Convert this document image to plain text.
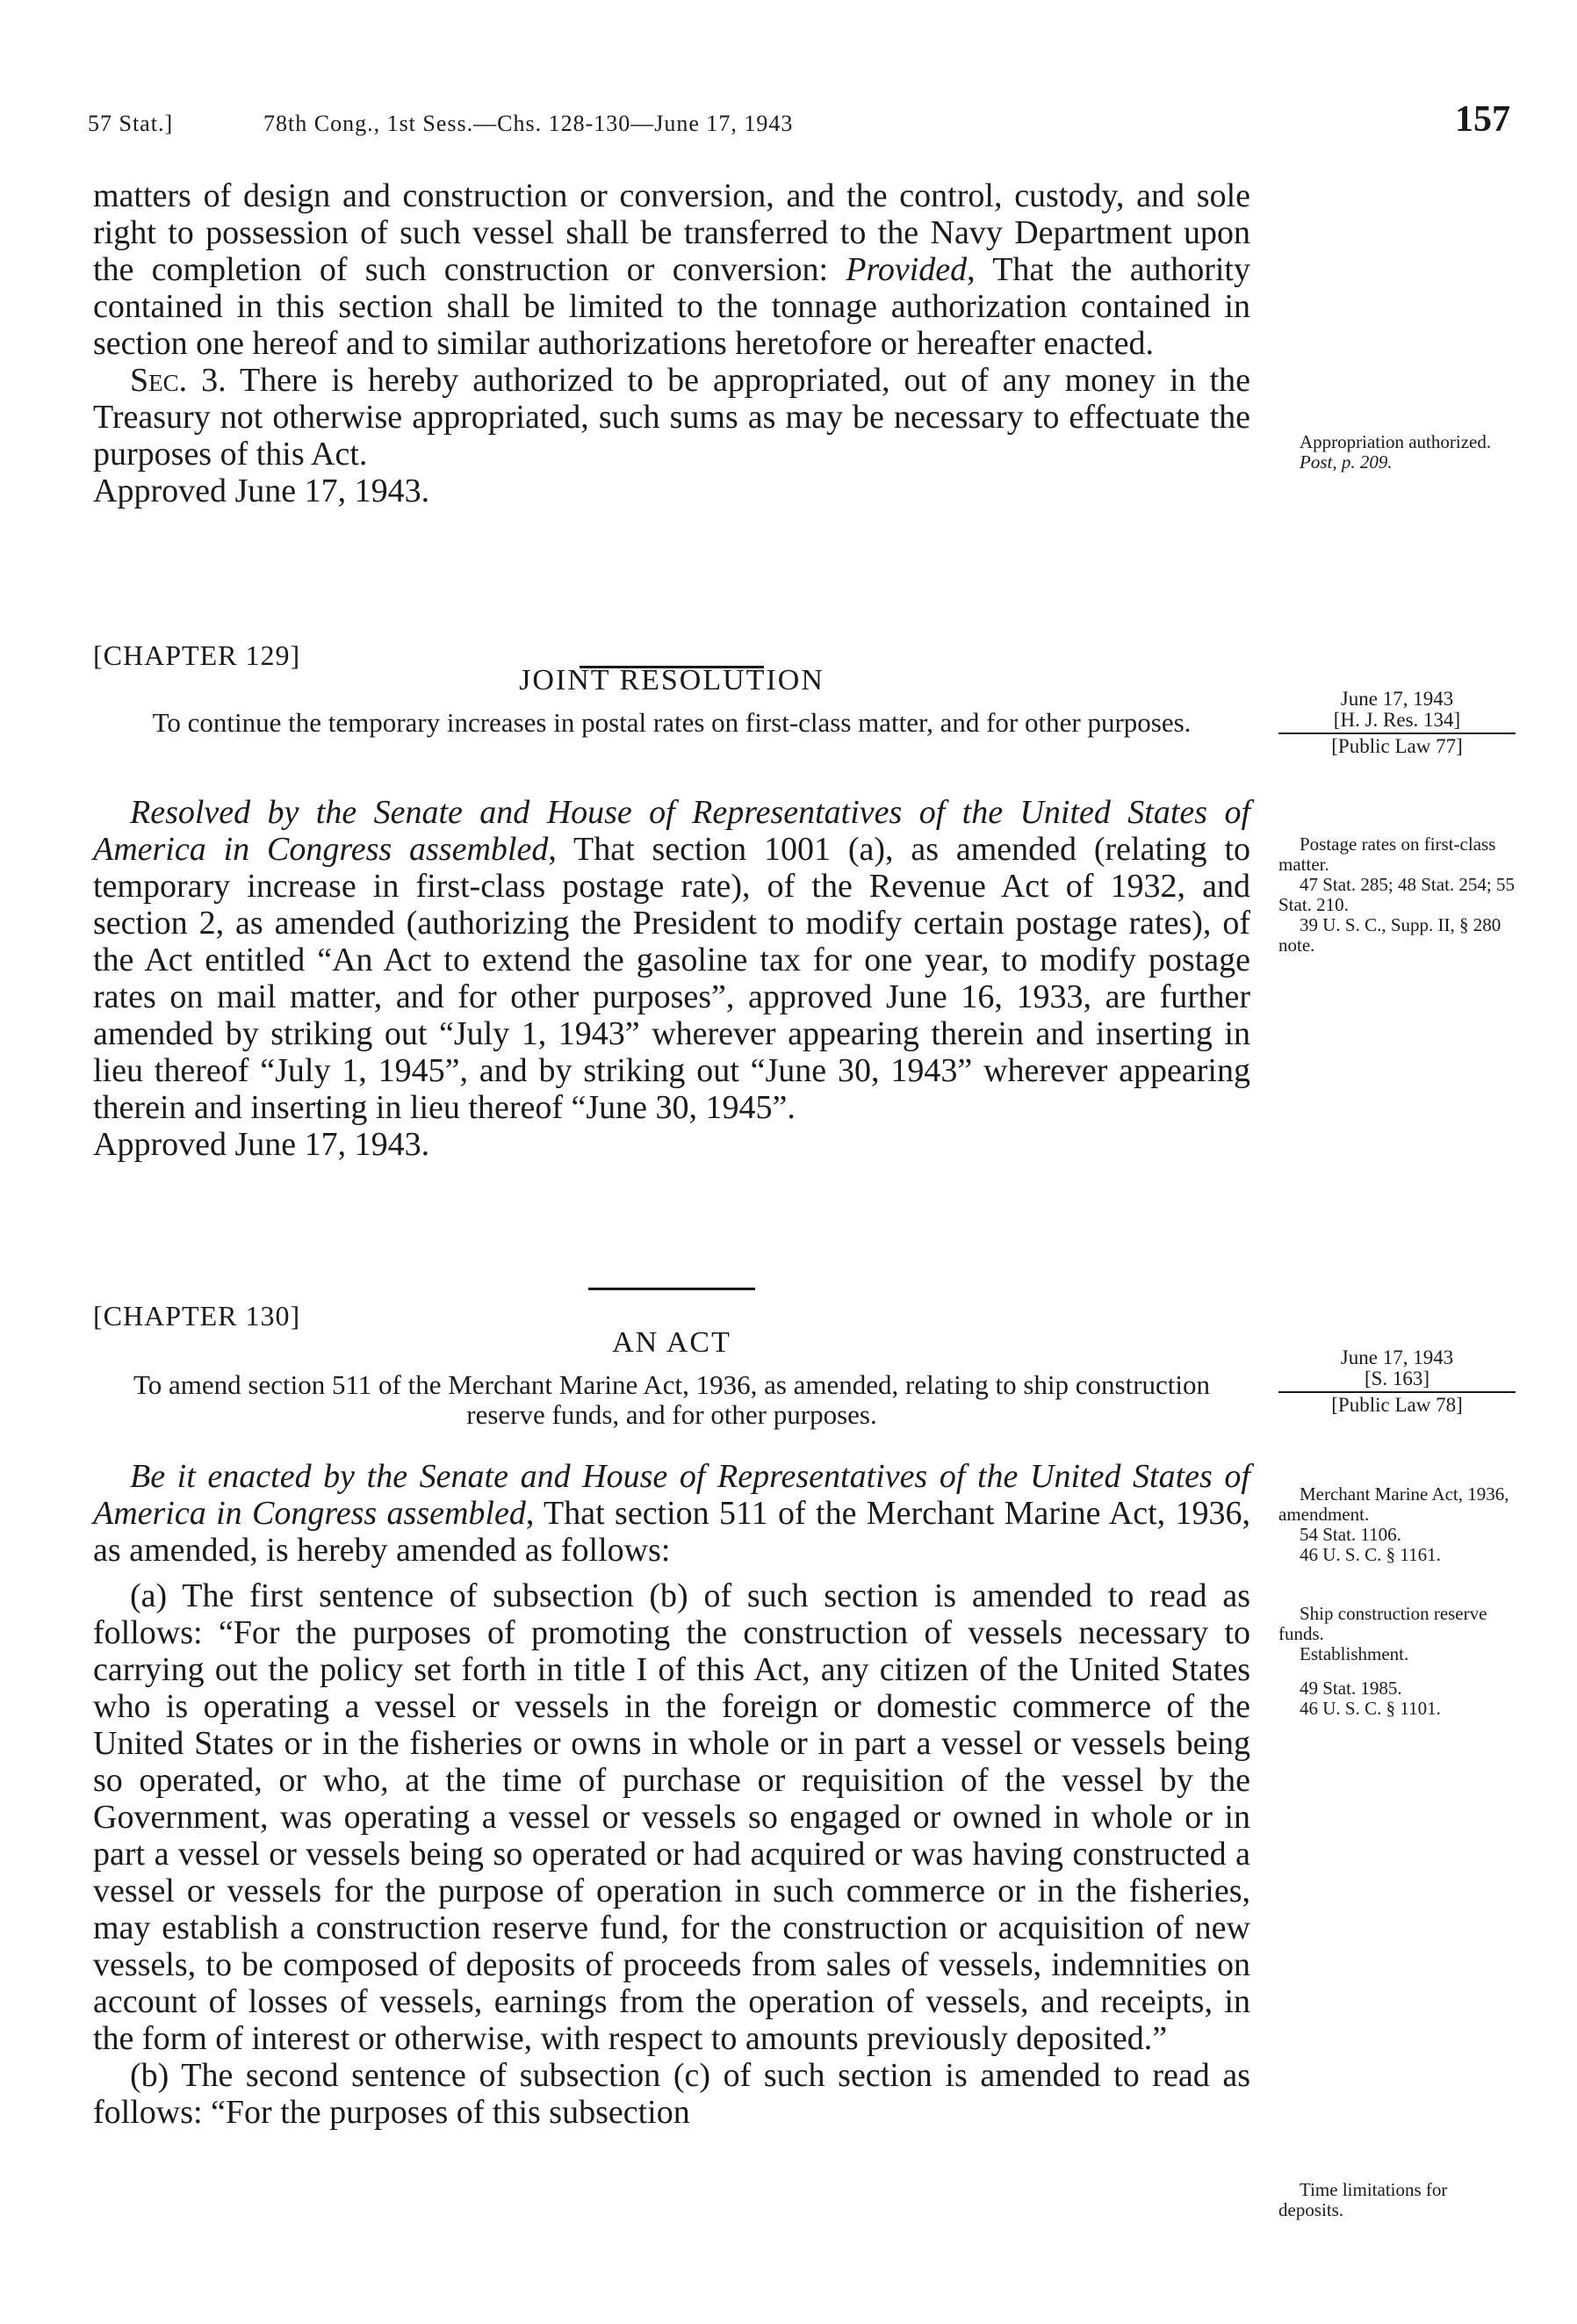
57 Stat.]	78th Cong., 1st Sess.—Chs. 128-130—June 17, 1943	157

matters of design and construction or conversion, and the control, custody, and sole right to possession of such vessel shall be transferred to the Navy Department upon the completion of such construction or conversion: Provided, That the authority contained in this section shall be limited to the tonnage authorization contained in section one hereof and to similar authorizations heretofore or hereafter enacted.

Sec. 3. There is hereby authorized to be appropriated, out of any money in the Treasury not otherwise appropriated, such sums as may be necessary to effectuate the purposes of this Act.

Approved June 17, 1943.

Appropriation authorized.

Post, p. 209.

[CHAPTER 129]
JOINT RESOLUTION
To continue the temporary increases in postal rates on first-class matter, and for other purposes.
June 17, 1943
[H. J. Res. 134]
[Public Law 77]

Resolved by the Senate and House of Representatives of the United States of America in Congress assembled, That section 1001 (a), as amended (relating to temporary increase in first-class postage rate), of the Revenue Act of 1932, and section 2, as amended (authorizing the President to modify certain postage rates), of the Act entitled “An Act to extend the gasoline tax for one year, to modify postage rates on mail matter, and for other purposes”, approved June 16, 1933, are further amended by striking out “July 1, 1943” wherever appearing therein and inserting in lieu thereof “July 1, 1945”, and by striking out “June 30, 1943” wherever appearing therein and inserting in lieu thereof “June 30, 1945”.

Approved June 17, 1943.

Postage rates on first-class matter.

47 Stat. 285; 48 Stat. 254; 55 Stat. 210.

39 U. S. C., Supp. II, § 280 note.

[CHAPTER 130]
AN ACT
To amend section 511 of the Merchant Marine Act, 1936, as amended, relating to ship construction reserve funds, and for other purposes.
June 17, 1943
[S. 163]
[Public Law 78]

Be it enacted by the Senate and House of Representatives of the United States of America in Congress assembled, That section 511 of the Merchant Marine Act, 1936, as amended, is hereby amended as follows:

(a) The first sentence of subsection (b) of such section is amended to read as follows: “For the purposes of promoting the construction of vessels necessary to carrying out the policy set forth in title I of this Act, any citizen of the United States who is operating a vessel or vessels in the foreign or domestic commerce of the United States or in the fisheries or owns in whole or in part a vessel or vessels being so operated, or who, at the time of purchase or requisition of the vessel by the Government, was operating a vessel or vessels so engaged or owned in whole or in part a vessel or vessels being so operated or had acquired or was having constructed a vessel or vessels for the purpose of operation in such commerce or in the fisheries, may establish a construction reserve fund, for the construction or acquisition of new vessels, to be composed of deposits of proceeds from sales of vessels, indemnities on account of losses of vessels, earnings from the operation of vessels, and receipts, in the form of interest or otherwise, with respect to amounts previously deposited.”

(b) The second sentence of subsection (c) of such section is amended to read as follows: “For the purposes of this subsection

Merchant Marine Act, 1936, amendment.

54 Stat. 1106.

46 U. S. C. § 1161.

Ship construction reserve funds.

Establishment.

49 Stat. 1985.

46 U. S. C. § 1101.

Time limitations for deposits.
